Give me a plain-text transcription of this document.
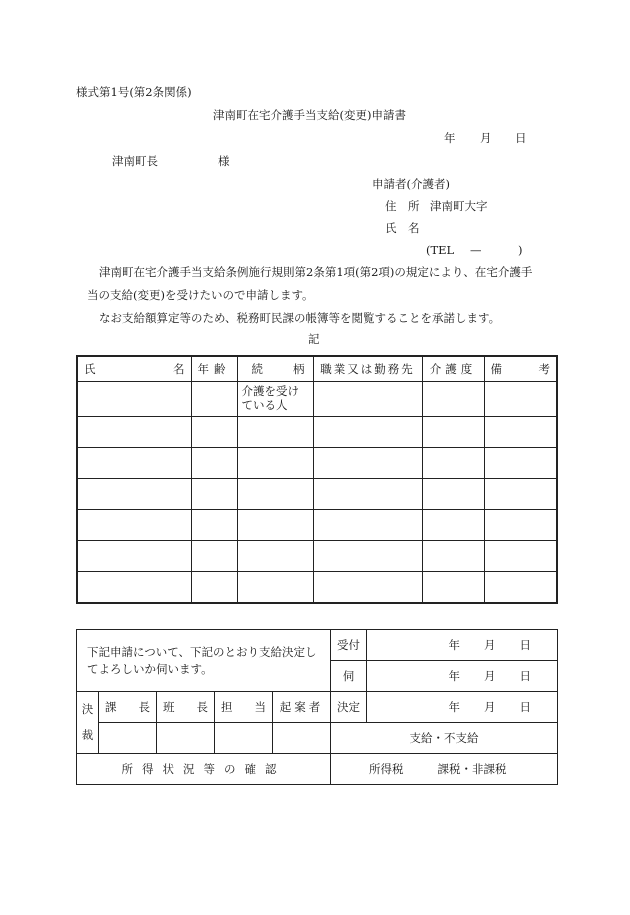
様式第1号(第2条関係)
津南町在宅介護手当支給(変更)申請書
年 月 日
津南町長	様
申請者(介護者)
住　所 津南町大字
氏　名
(TEL —	)
津南町在宅介護手当支給条例施行規則第2条第1項(第2項)の規定により、在宅介護手
当の支給(変更)を受けたいので申請します。
なお支給額算定等のため、税務町民課の帳簿等を閲覧することを承諾します。
記
氏 名	年齢	続 柄	職業又は勤務先	介護度	備 考

		介護を受けている人			

下記申請について、下記のとおり支給決定してよろしいか伺います。					受付	年 月 日

					伺	年 月 日

決裁	課 長	班 長	担 当	起案者	決定	年 月 日

					支給・不支給	
所得状況等の確認					所得税 課税・非課税	
